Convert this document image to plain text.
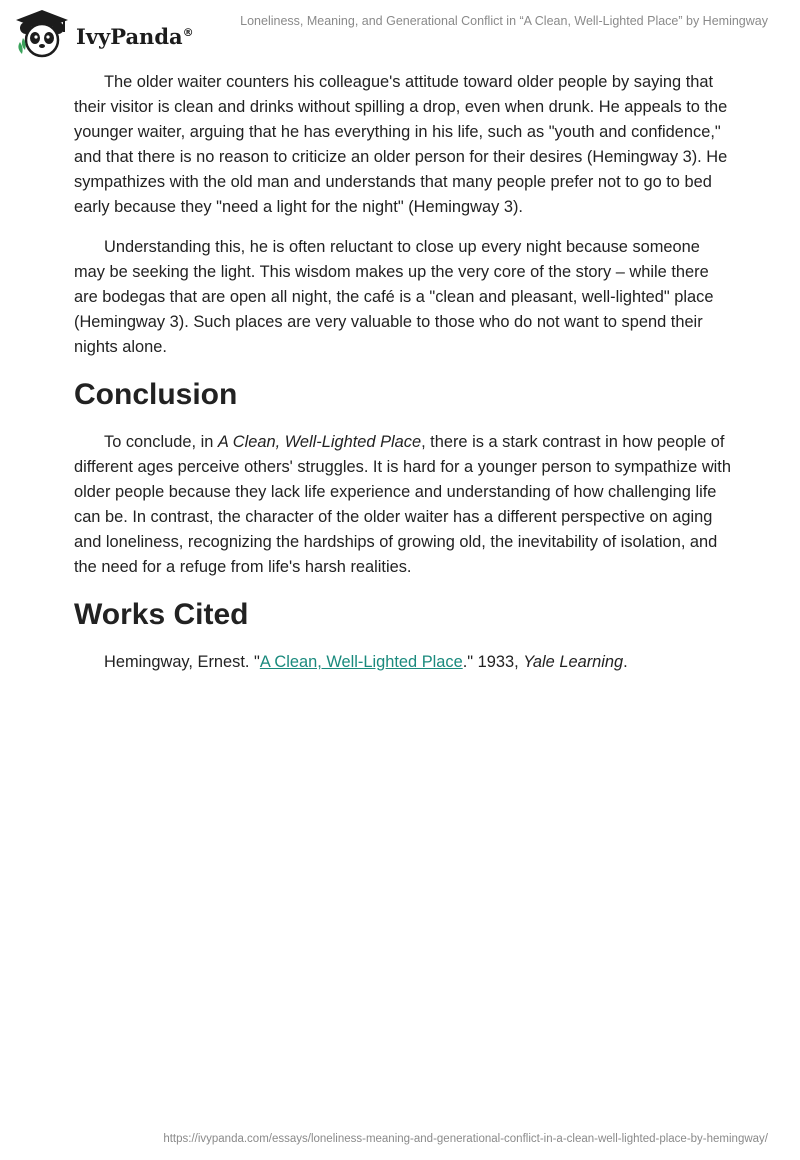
IvyPanda®
Loneliness, Meaning, and Generational Conflict in “A Clean, Well-Lighted Place” by Hemingway

The older waiter counters his colleague's attitude toward older people by saying that their visitor is clean and drinks without spilling a drop, even when drunk. He appeals to the younger waiter, arguing that he has everything in his life, such as "youth and confidence," and that there is no reason to criticize an older person for their desires (Hemingway 3). He sympathizes with the old man and understands that many people prefer not to go to bed early because they "need a light for the night" (Hemingway 3).

Understanding this, he is often reluctant to close up every night because someone may be seeking the light. This wisdom makes up the very core of the story – while there are bodegas that are open all night, the café is a "clean and pleasant, well-lighted" place (Hemingway 3). Such places are very valuable to those who do not want to spend their nights alone.

Conclusion

To conclude, in A Clean, Well-Lighted Place, there is a stark contrast in how people of different ages perceive others' struggles. It is hard for a younger person to sympathize with older people because they lack life experience and understanding of how challenging life can be. In contrast, the character of the older waiter has a different perspective on aging and loneliness, recognizing the hardships of growing old, the inevitability of isolation, and the need for a refuge from life's harsh realities.

Works Cited

Hemingway, Ernest. "A Clean, Well-Lighted Place." 1933, Yale Learning.

https://ivypanda.com/essays/loneliness-meaning-and-generational-conflict-in-a-clean-well-lighted-place-by-hemingway/
